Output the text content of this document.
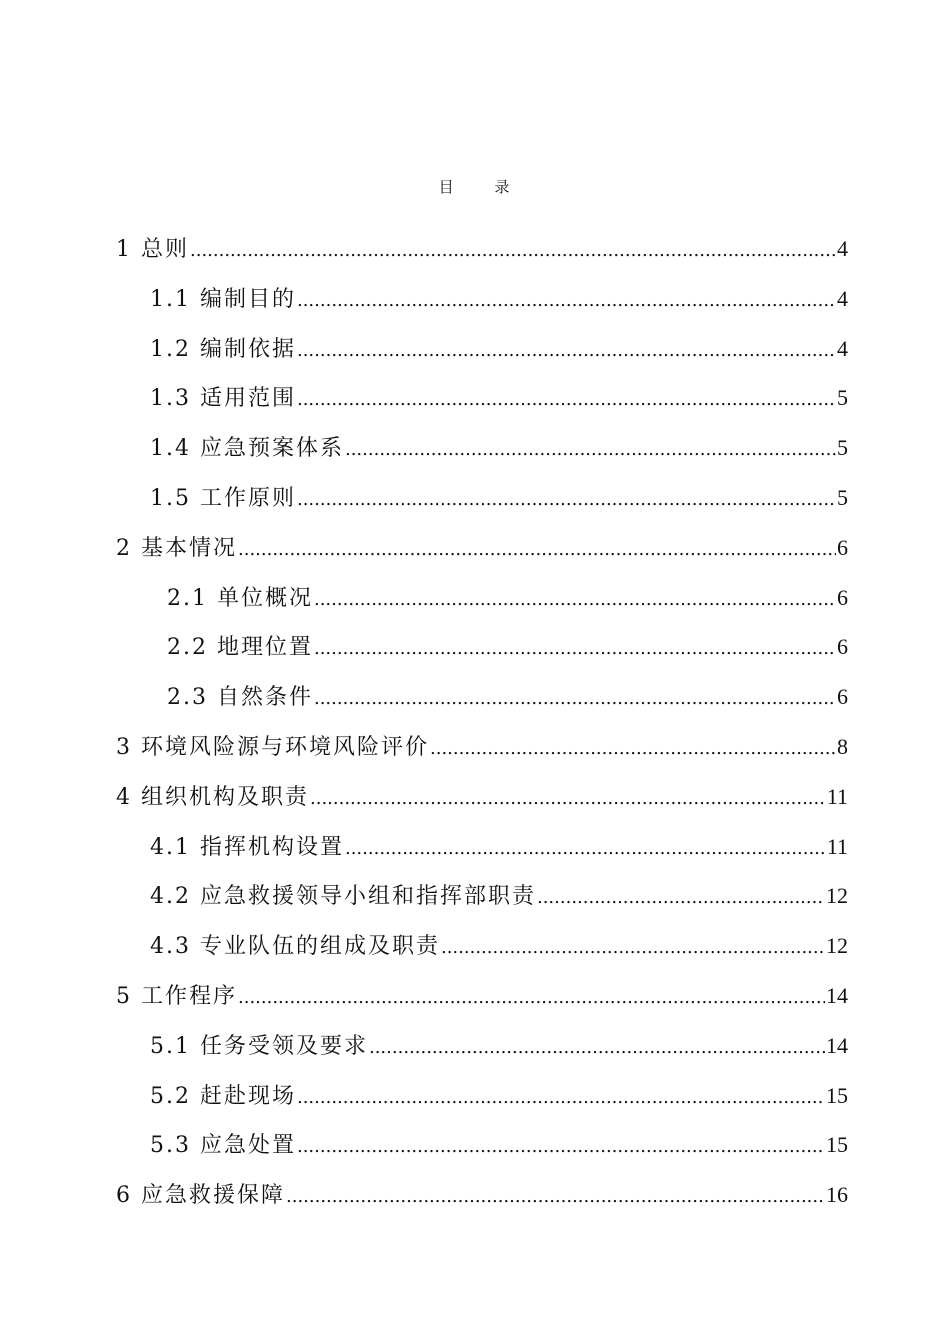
目 录
1 总则 .....	4
1.1 编制目的 .....	4
1.2 编制依据 .....	4
1.3 适用范围 .....	5
1.4 应急预案体系 .....	5
1.5 工作原则 .....	5
2 基本情况 .....	6
2.1 单位概况 .....	6
2.2 地理位置 .....	6
2.3 自然条件 .....	6
3 环境风险源与环境风险评价 .....	8
4 组织机构及职责 .....	11
4.1 指挥机构设置 .....	11
4.2 应急救援领导小组和指挥部职责 .....	12
4.3 专业队伍的组成及职责 .....	12
5 工作程序 .....	14
5.1 任务受领及要求 .....	14
5.2 赶赴现场 .....	15
5.3 应急处置 .....	15
6 应急救援保障 .....	16
